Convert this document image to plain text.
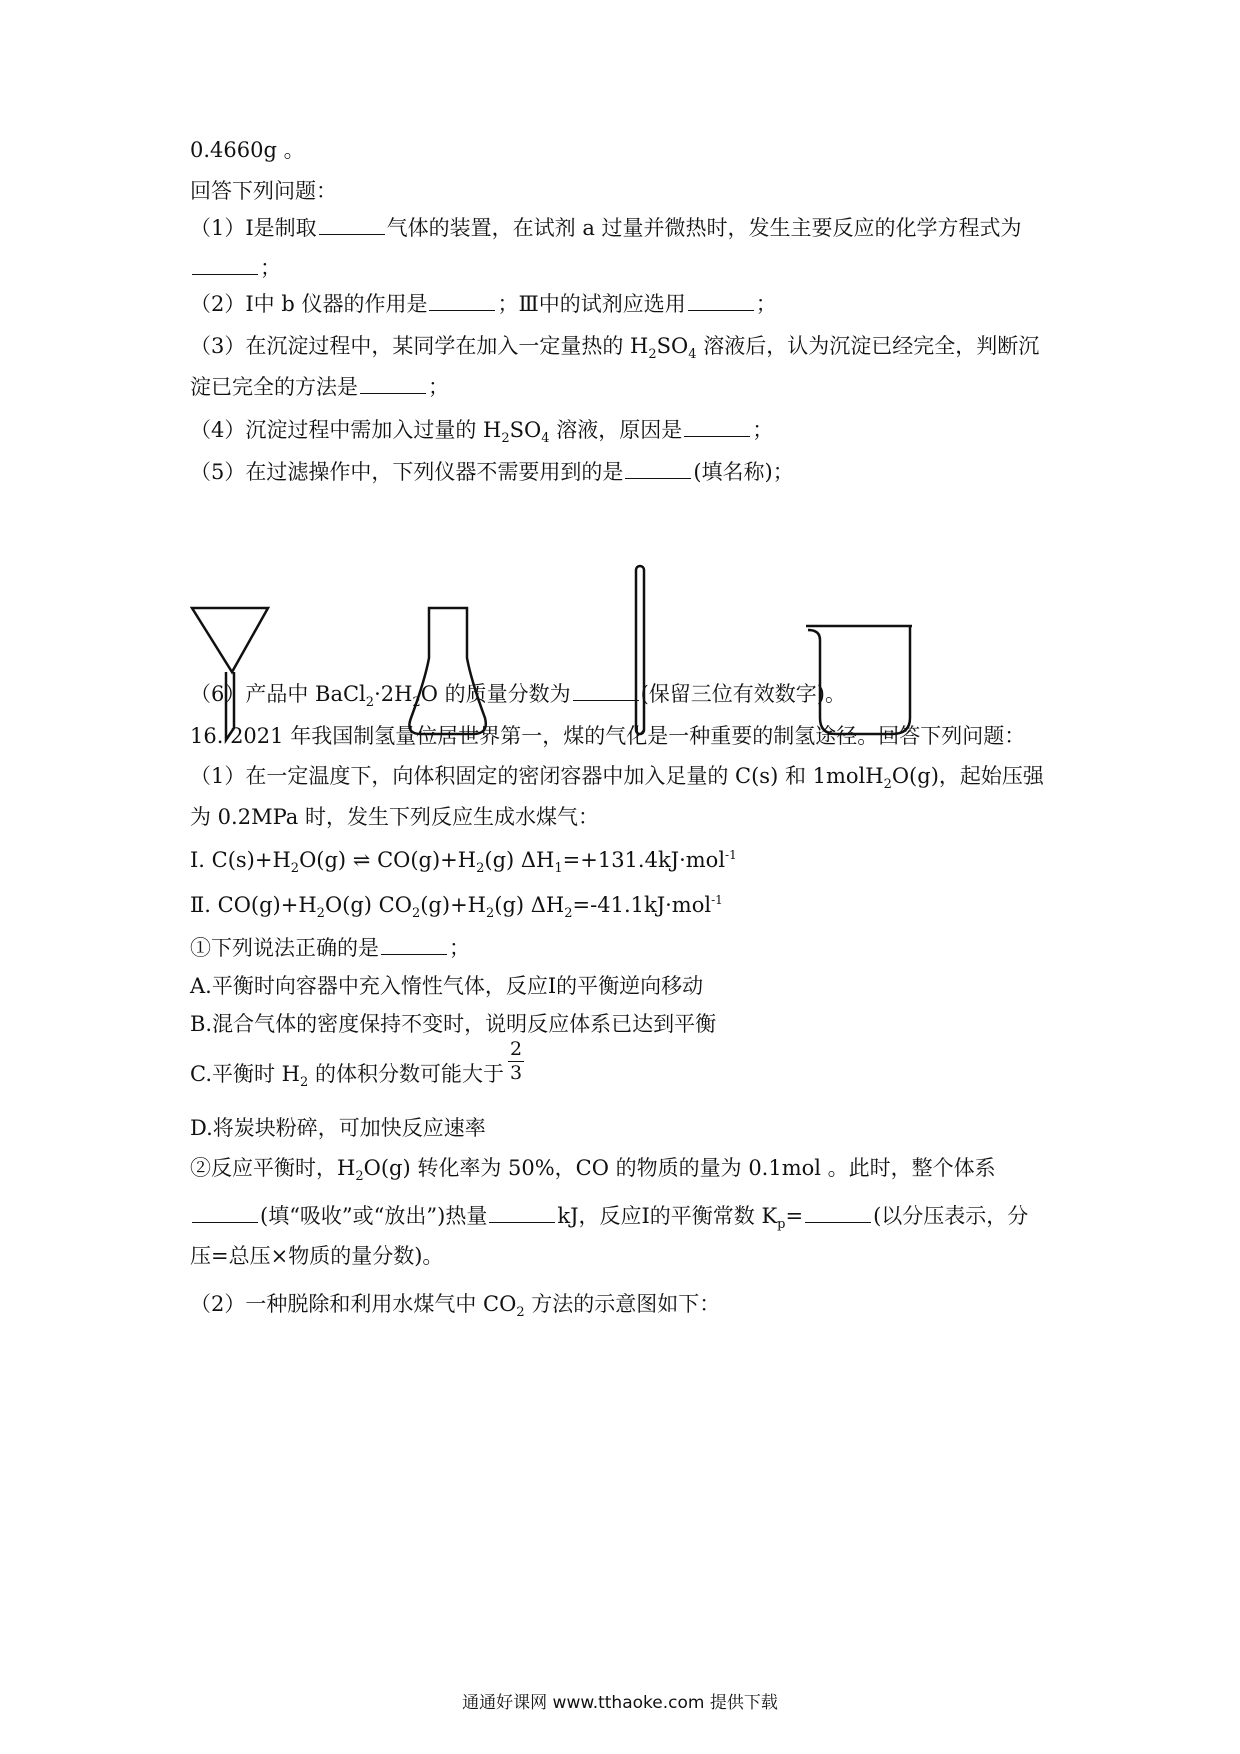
0.4660g 。
回答下列问题：
（1）I是制取	气体的装置，在试剂 a 过量并微热时，发生主要反应的化学方程式为
；
（2）I中 b 仪器的作用是	；Ⅲ中的试剂应选用	；
（3）在沉淀过程中，某同学在加入一定量热的 $H_2SO_4$ 溶液后，认为沉淀已经完全，判断沉
淀已完全的方法是	；
（4）沉淀过程中需加入过量的 $H_2SO_4$ 溶液，原因是	；
（5）在过滤操作中，下列仪器不需要用到的是	(填名称)；
（6）产品中 $BaCl_2\cdot 2H_2O$ 的质量分数为	(保留三位有效数字)。
16. 2021 年我国制氢量位居世界第一，煤的气化是一种重要的制氢途径。回答下列问题：
（1）在一定温度下，向体积固定的密闭容器中加入足量的 C(s) 和 1molH$_2$O(g)，起始压强
为 0.2MPa 时，发生下列反应生成水煤气：
I. $C(s)+H_2O(g)$ ⇌ $CO(g)+H_2(g)$ $\Delta H_1=+131.4kJ\cdot mol^{-1}$
Ⅱ. $CO(g)+H_2O(g)$ $CO_2(g)+H_2(g)$ $\Delta H_2=-41.1kJ\cdot mol^{-1}$
①下列说法正确的是	；
A.平衡时向容器中充入惰性气体，反应I的平衡逆向移动
B.混合气体的密度保持不变时，说明反应体系已达到平衡
C.平衡时 $H_2$ 的体积分数可能大于 $\frac{2}{3}$
D.将炭块粉碎，可加快反应速率
②反应平衡时，$H_2O(g)$ 转化率为 50%，CO 的物质的量为 0.1mol 。此时，整个体系
(填“吸收”或“放出”)热量	kJ，反应I的平衡常数 $K_p=$	(以分压表示，分
压=总压×物质的量分数)。
（2）一种脱除和利用水煤气中 $CO_2$ 方法的示意图如下：
通通好课网 www.tthaoke.com 提供下载
